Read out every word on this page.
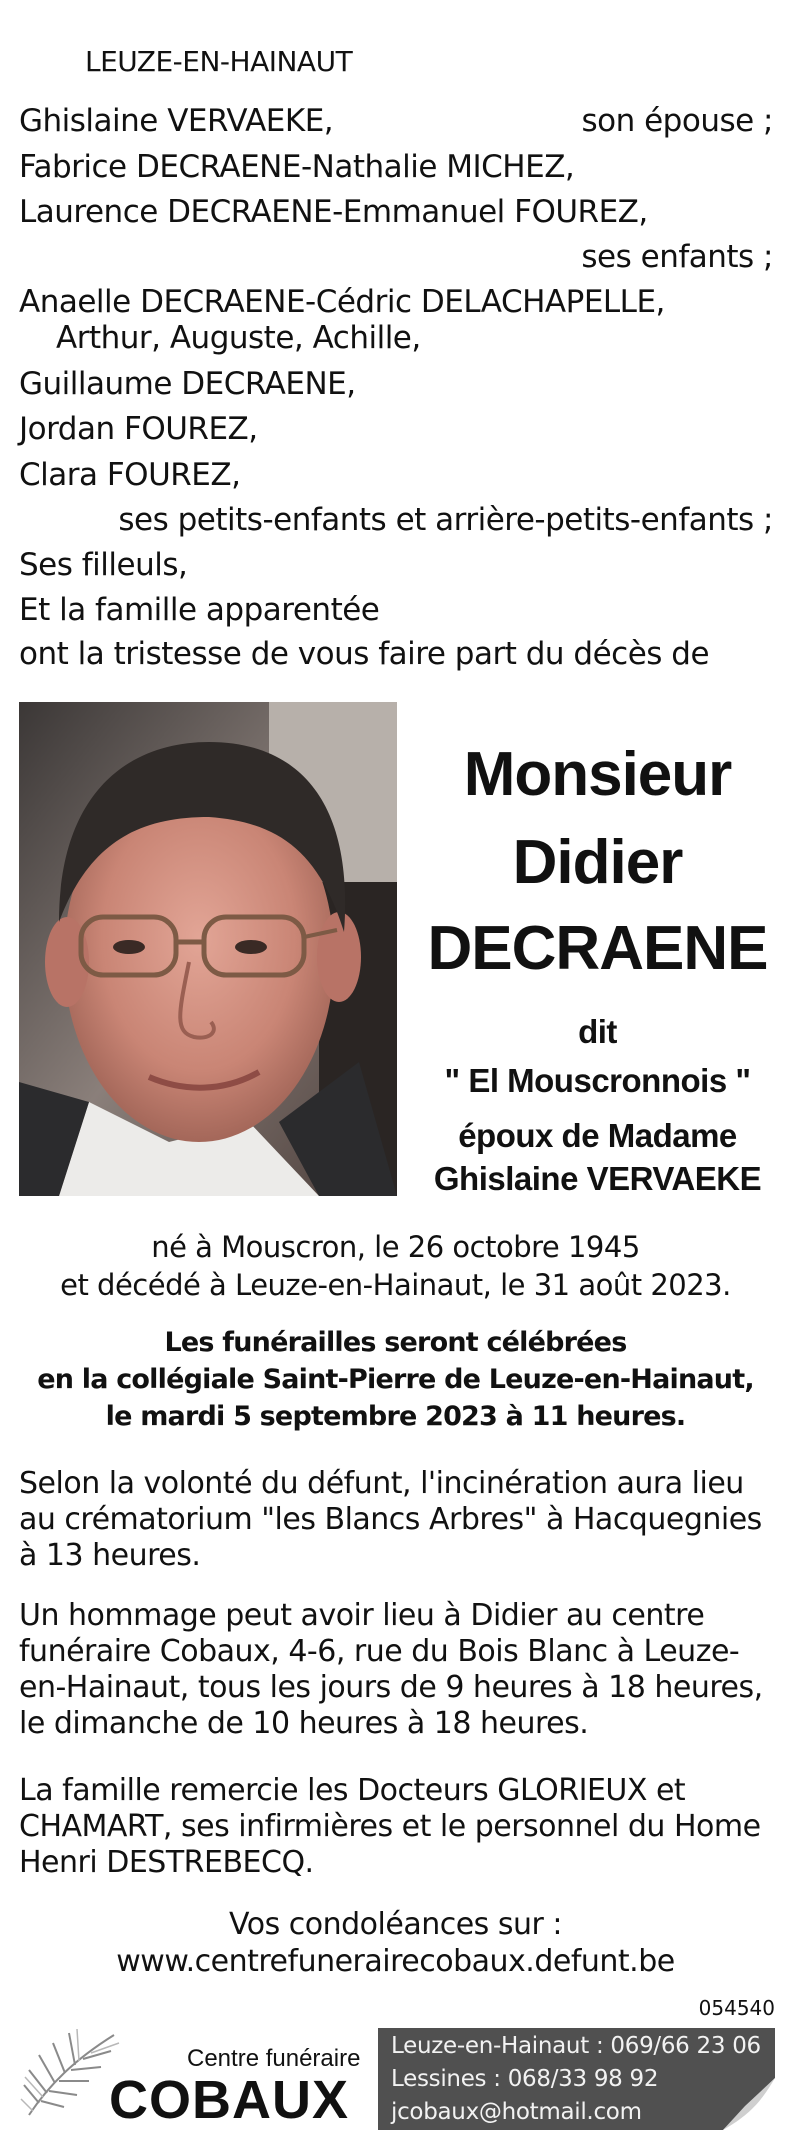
LEUZE-EN-HAINAUT
Ghislaine VERVAEKE,	son épouse ;
Fabrice DECRAENE-Nathalie MICHEZ,
Laurence DECRAENE-Emmanuel FOUREZ,
ses enfants ;
Anaelle DECRAENE-Cédric DELACHAPELLE,
Arthur, Auguste, Achille,
Guillaume DECRAENE,
Jordan FOUREZ,
Clara FOUREZ,
ses petits-enfants et arrière-petits-enfants ;
Ses filleuls,
Et la famille apparentée
ont la tristesse de vous faire part du décès de
Monsieur
Didier
DECRAENE
dit
" El Mouscronnois "
époux de Madame
Ghislaine VERVAEKE
né à Mouscron, le 26 octobre 1945
et décédé à Leuze-en-Hainaut, le 31 août 2023.
Les funérailles seront célébrées
en la collégiale Saint-Pierre de Leuze-en-Hainaut,
le mardi 5 septembre 2023 à 11 heures.
Selon la volonté du défunt, l'incinération aura lieu
au crématorium "les Blancs Arbres" à Hacquegnies
à 13 heures.
Un hommage peut avoir lieu à Didier au centre
funéraire Cobaux, 4-6, rue du Bois Blanc à Leuze-
en-Hainaut, tous les jours de 9 heures à 18 heures,
le dimanche de 10 heures à 18 heures.
La famille remercie les Docteurs GLORIEUX et
CHAMART, ses infirmières et le personnel du Home
Henri DESTREBECQ.
Vos condoléances sur :
www.centrefunerairecobaux.defunt.be
054540
Centre funéraire
COBAUX
Leuze-en-Hainaut : 069/66 23 06
Lessines : 068/33 98 92
jcobaux@hotmail.com
